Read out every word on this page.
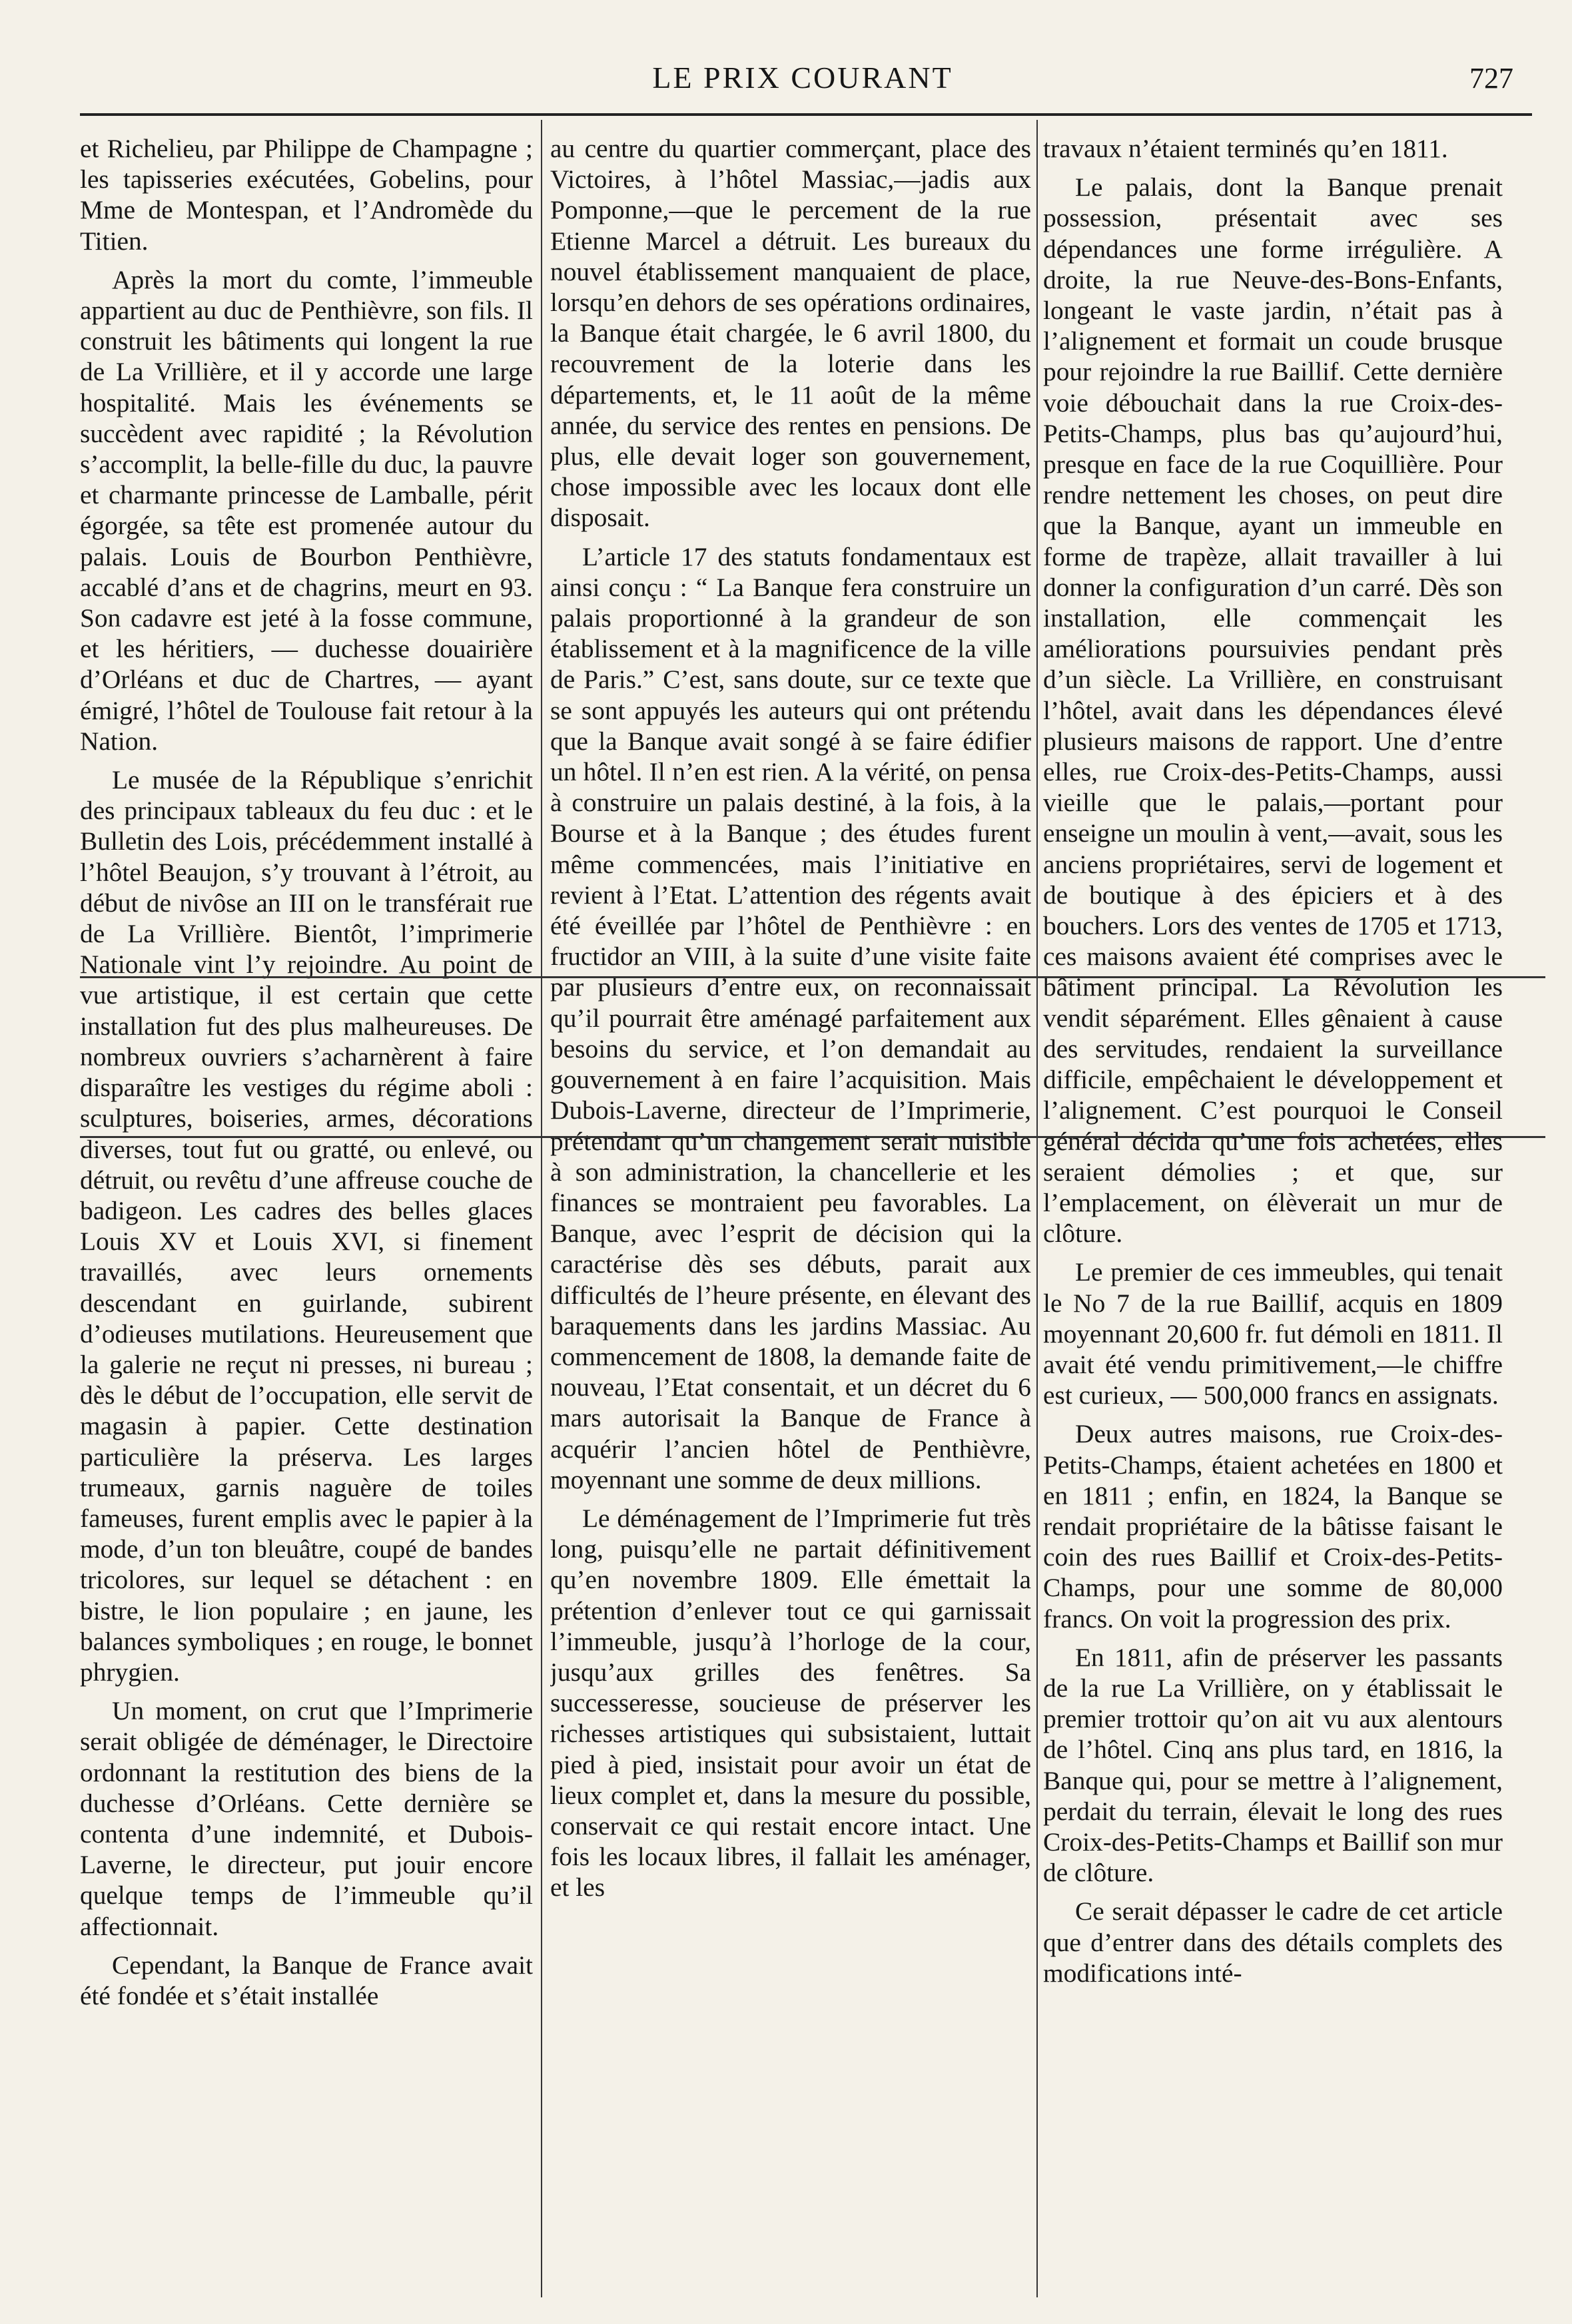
LE PRIX COURANT	727

et Richelieu, par Philippe de Champagne ; les tapisseries exécutées, Gobelins, pour Mme de Montespan, et l’Andromède du Titien.

Après la mort du comte, l’immeuble appartient au duc de Penthièvre, son fils. Il construit les bâtiments qui longent la rue de La Vrillière, et il y accorde une large hospitalité. Mais les événements se succèdent avec rapidité ; la Révolution s’accomplit, la belle-fille du duc, la pauvre et charmante princesse de Lamballe, périt égorgée, sa tête est promenée autour du palais. Louis de Bourbon Penthièvre, accablé d’ans et de chagrins, meurt en 93. Son cadavre est jeté à la fosse commune, et les héritiers, — duchesse douairière d’Orléans et duc de Chartres, — ayant émigré, l’hôtel de Toulouse fait retour à la Nation.

Le musée de la République s’enrichit des principaux tableaux du feu duc : et le Bulletin des Lois, précédemment installé à l’hôtel Beaujon, s’y trouvant à l’étroit, au début de nivôse an III on le transférait rue de La Vrillière. Bientôt, l’imprimerie Nationale vint l’y rejoindre. Au point de vue artistique, il est certain que cette installation fut des plus malheureuses. De nombreux ouvriers s’acharnèrent à faire disparaître les vestiges du régime aboli : sculptures, boiseries, armes, décorations diverses, tout fut ou gratté, ou enlevé, ou détruit, ou revêtu d’une affreuse couche de badigeon. Les cadres des belles glaces Louis XV et Louis XVI, si finement travaillés, avec leurs ornements descendant en guirlande, subirent d’odieuses mutilations. Heureusement que la galerie ne reçut ni presses, ni bureau ; dès le début de l’occupation, elle servit de magasin à papier. Cette destination particulière la préserva. Les larges trumeaux, garnis naguère de toiles fameuses, furent emplis avec le papier à la mode, d’un ton bleuâtre, coupé de bandes tricolores, sur lequel se détachent : en bistre, le lion populaire ; en jaune, les balances symboliques ; en rouge, le bonnet phrygien.

Un moment, on crut que l’Imprimerie serait obligée de déménager, le Directoire ordonnant la restitution des biens de la duchesse d’Orléans. Cette dernière se contenta d’une indemnité, et Dubois-Laverne, le directeur, put jouir encore quelque temps de l’immeuble qu’il affectionnait.

Cependant, la Banque de France avait été fondée et s’était installée

au centre du quartier commerçant, place des Victoires, à l’hôtel Massiac,—jadis aux Pomponne,—que le percement de la rue Etienne Marcel a détruit. Les bureaux du nouvel établissement manquaient de place, lorsqu’en dehors de ses opérations ordinaires, la Banque était chargée, le 6 avril 1800, du recouvrement de la loterie dans les départements, et, le 11 août de la même année, du service des rentes en pensions. De plus, elle devait loger son gouvernement, chose impossible avec les locaux dont elle disposait.

L’article 17 des statuts fondamentaux est ainsi conçu : “ La Banque fera construire un palais proportionné à la grandeur de son établissement et à la magnificence de la ville de Paris.” C’est, sans doute, sur ce texte que se sont appuyés les auteurs qui ont prétendu que la Banque avait songé à se faire édifier un hôtel. Il n’en est rien. A la vérité, on pensa à construire un palais destiné, à la fois, à la Bourse et à la Banque ; des études furent même commencées, mais l’initiative en revient à l’Etat. L’attention des régents avait été éveillée par l’hôtel de Penthièvre : en fructidor an VIII, à la suite d’une visite faite par plusieurs d’entre eux, on reconnaissait qu’il pourrait être aménagé parfaitement aux besoins du service, et l’on demandait au gouvernement à en faire l’acquisition. Mais Dubois-Laverne, directeur de l’Imprimerie, prétendant qu’un changement serait nuisible à son administration, la chancellerie et les finances se montraient peu favorables. La Banque, avec l’esprit de décision qui la caractérise dès ses débuts, parait aux difficultés de l’heure présente, en élevant des baraquements dans les jardins Massiac. Au commencement de 1808, la demande faite de nouveau, l’Etat consentait, et un décret du 6 mars autorisait la Banque de France à acquérir l’ancien hôtel de Penthièvre, moyennant une somme de deux millions.

Le déménagement de l’Imprimerie fut très long, puisqu’elle ne partait définitivement qu’en novembre 1809. Elle émettait la prétention d’enlever tout ce qui garnissait l’immeuble, jusqu’à l’horloge de la cour, jusqu’aux grilles des fenêtres. Sa successeresse, soucieuse de préserver les richesses artistiques qui subsistaient, luttait pied à pied, insistait pour avoir un état de lieux complet et, dans la mesure du possible, conservait ce qui restait encore intact. Une fois les locaux libres, il fallait les aménager, et les

travaux n’étaient terminés qu’en 1811.

Le palais, dont la Banque prenait possession, présentait avec ses dépendances une forme irrégulière. A droite, la rue Neuve-des-Bons-Enfants, longeant le vaste jardin, n’était pas à l’alignement et formait un coude brusque pour rejoindre la rue Baillif. Cette dernière voie débouchait dans la rue Croix-des-Petits-Champs, plus bas qu’aujourd’hui, presque en face de la rue Coquillière. Pour rendre nettement les choses, on peut dire que la Banque, ayant un immeuble en forme de trapèze, allait travailler à lui donner la configuration d’un carré. Dès son installation, elle commençait les améliorations poursuivies pendant près d’un siècle. La Vrillière, en construisant l’hôtel, avait dans les dépendances élevé plusieurs maisons de rapport. Une d’entre elles, rue Croix-des-Petits-Champs, aussi vieille que le palais,—portant pour enseigne un moulin à vent,—avait, sous les anciens propriétaires, servi de logement et de boutique à des épiciers et à des bouchers. Lors des ventes de 1705 et 1713, ces maisons avaient été comprises avec le bâtiment principal. La Révolution les vendit séparément. Elles gênaient à cause des servitudes, rendaient la surveillance difficile, empêchaient le développement et l’alignement. C’est pourquoi le Conseil général décida qu’une fois achetées, elles seraient démolies ; et que, sur l’emplacement, on élèverait un mur de clôture.

Le premier de ces immeubles, qui tenait le No 7 de la rue Baillif, acquis en 1809 moyennant 20,600 fr. fut démoli en 1811. Il avait été vendu primitivement,—le chiffre est curieux, — 500,000 francs en assignats.

Deux autres maisons, rue Croix-des-Petits-Champs, étaient achetées en 1800 et en 1811 ; enfin, en 1824, la Banque se rendait propriétaire de la bâtisse faisant le coin des rues Baillif et Croix-des-Petits-Champs, pour une somme de 80,000 francs. On voit la progression des prix.

En 1811, afin de préserver les passants de la rue La Vrillière, on y établissait le premier trottoir qu’on ait vu aux alentours de l’hôtel. Cinq ans plus tard, en 1816, la Banque qui, pour se mettre à l’alignement, perdait du terrain, élevait le long des rues Croix-des-Petits-Champs et Baillif son mur de clôture.

Ce serait dépasser le cadre de cet article que d’entrer dans des détails complets des modifications inté-
